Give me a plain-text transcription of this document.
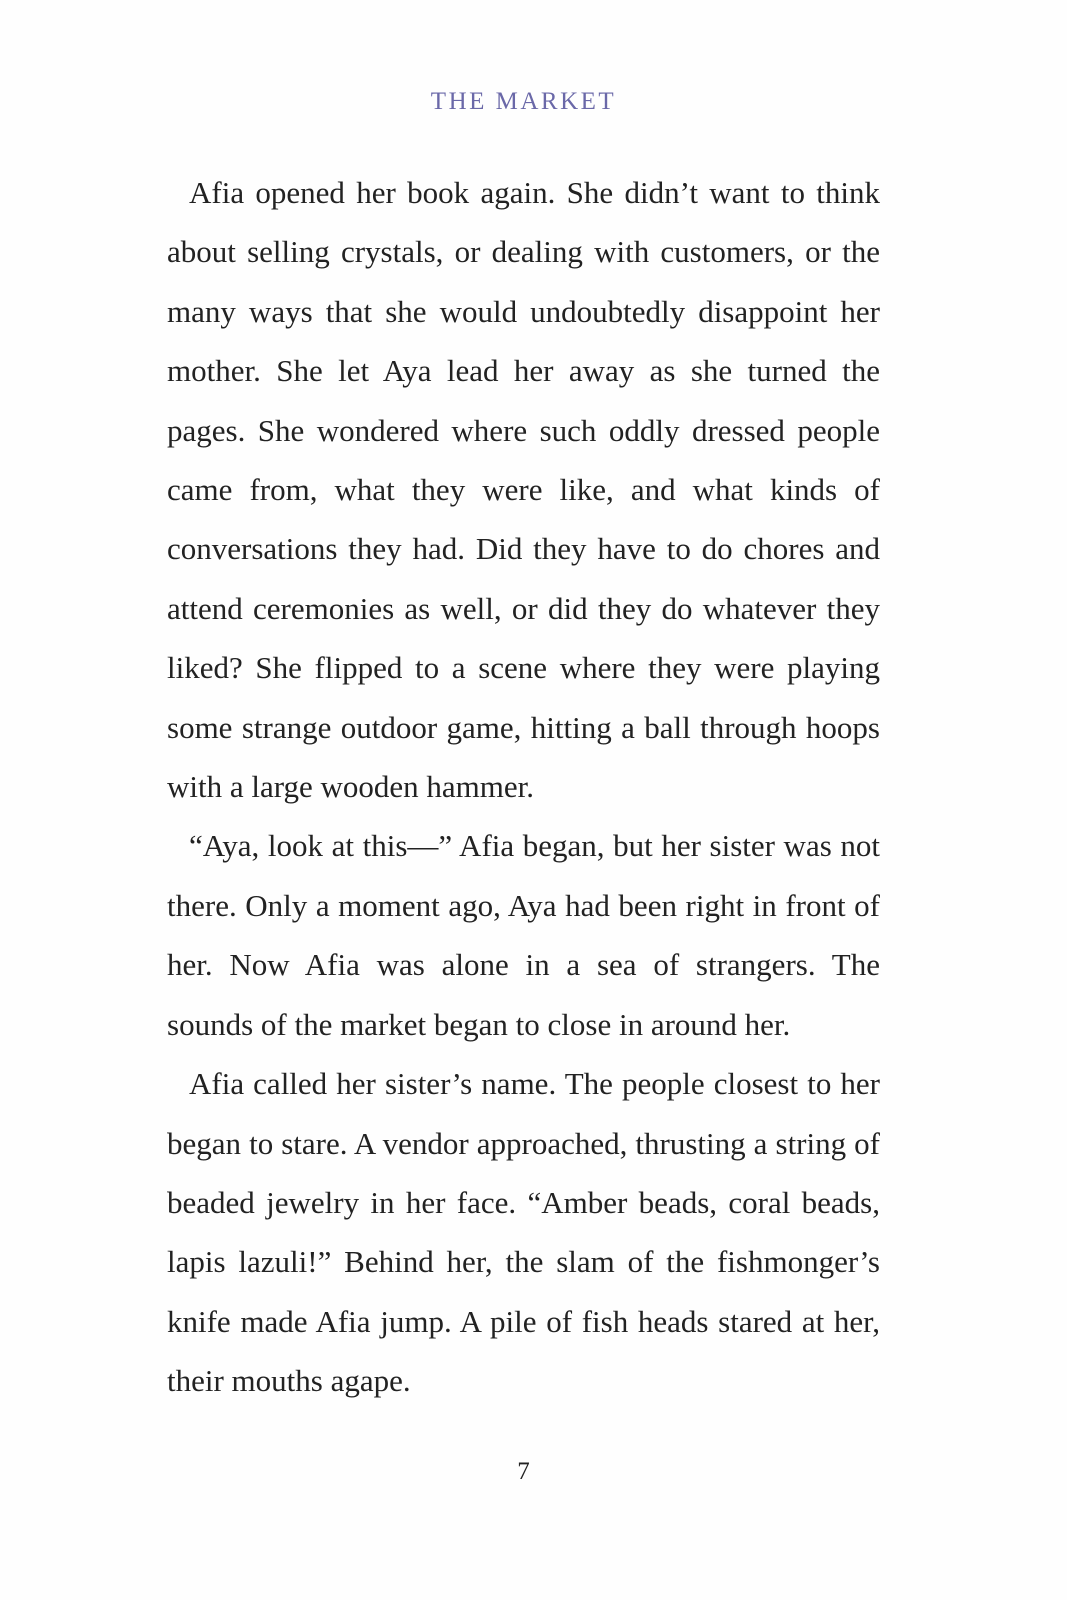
THE MARKET

Afia opened her book again. She didn’t want to think about selling crystals, or dealing with customers, or the many ways that she would undoubtedly disappoint her mother. She let Aya lead her away as she turned the pages. She wondered where such oddly dressed people came from, what they were like, and what kinds of conversations they had. Did they have to do chores and attend ceremonies as well, or did they do whatever they liked? She flipped to a scene where they were playing some strange outdoor game, hitting a ball through hoops with a large wooden hammer.

“Aya, look at this—” Afia began, but her sister was not there. Only a moment ago, Aya had been right in front of her. Now Afia was alone in a sea of strangers. The sounds of the market began to close in around her.

Afia called her sister’s name. The people closest to her began to stare. A vendor approached, thrusting a string of beaded jewelry in her face. “Amber beads, coral beads, lapis lazuli!” Behind her, the slam of the fishmonger’s knife made Afia jump. A pile of fish heads stared at her, their mouths agape.

7
